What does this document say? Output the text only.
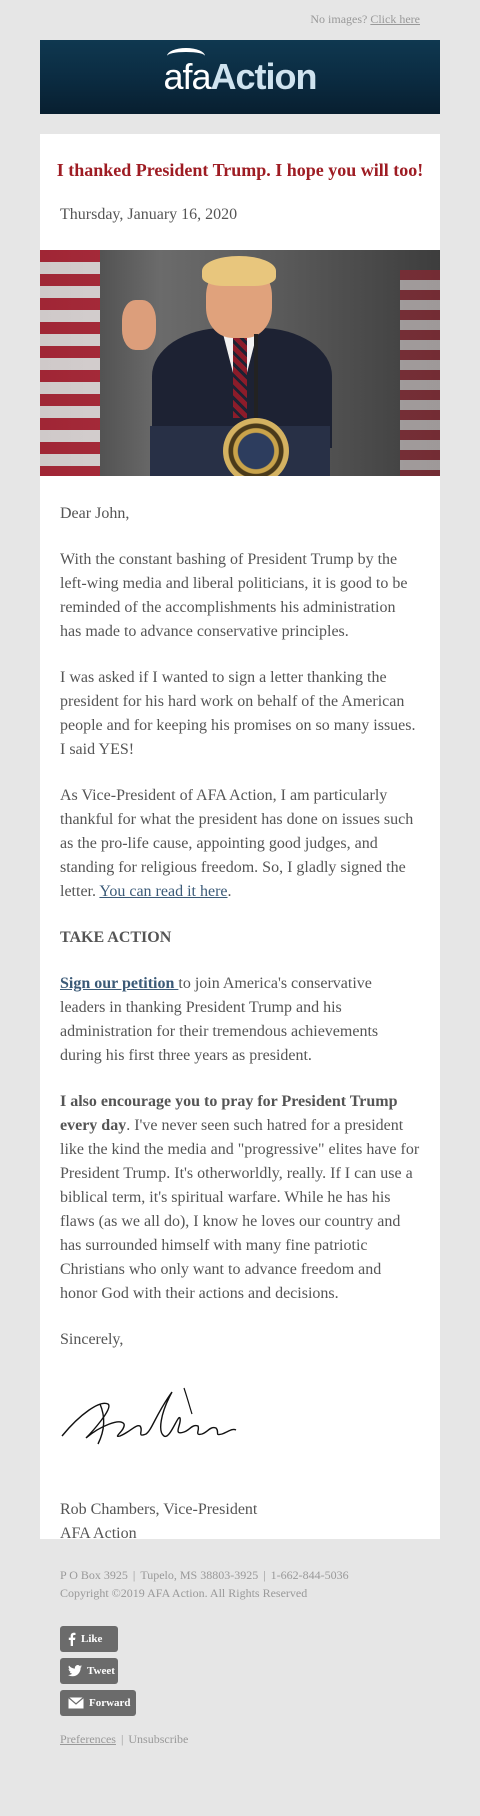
No images? Click here
afaAction
I thanked President Trump. I hope you will too!
Thursday, January 16, 2020

Dear John,

With the constant bashing of President Trump by the left-wing media and liberal politicians, it is good to be reminded of the accomplishments his administration has made to advance conservative principles.

I was asked if I wanted to sign a letter thanking the president for his hard work on behalf of the American people and for keeping his promises on so many issues. I said YES!

As Vice-President of AFA Action, I am particularly thankful for what the president has done on issues such as the pro-life cause, appointing good judges, and standing for religious freedom. So, I gladly signed the letter. You can read it here.

TAKE ACTION

Sign our petition to join America's conservative leaders in thanking President Trump and his administration for their tremendous achievements during his first three years as president.

I also encourage you to pray for President Trump every day. I've never seen such hatred for a president like the kind the media and "progressive" elites have for President Trump. It's otherworldly, really. If I can use a biblical term, it's spiritual warfare. While he has his flaws (as we all do), I know he loves our country and has surrounded himself with many fine patriotic Christians who only want to advance freedom and honor God with their actions and decisions.

Sincerely,

Rob Chambers, Vice-President

AFA Action

P O Box 3925 | Tupelo, MS 38803-3925 | 1-662-844-5036
Copyright ©2019 AFA Action. All Rights Reserved
Like
Tweet
Forward
Preferences | Unsubscribe
